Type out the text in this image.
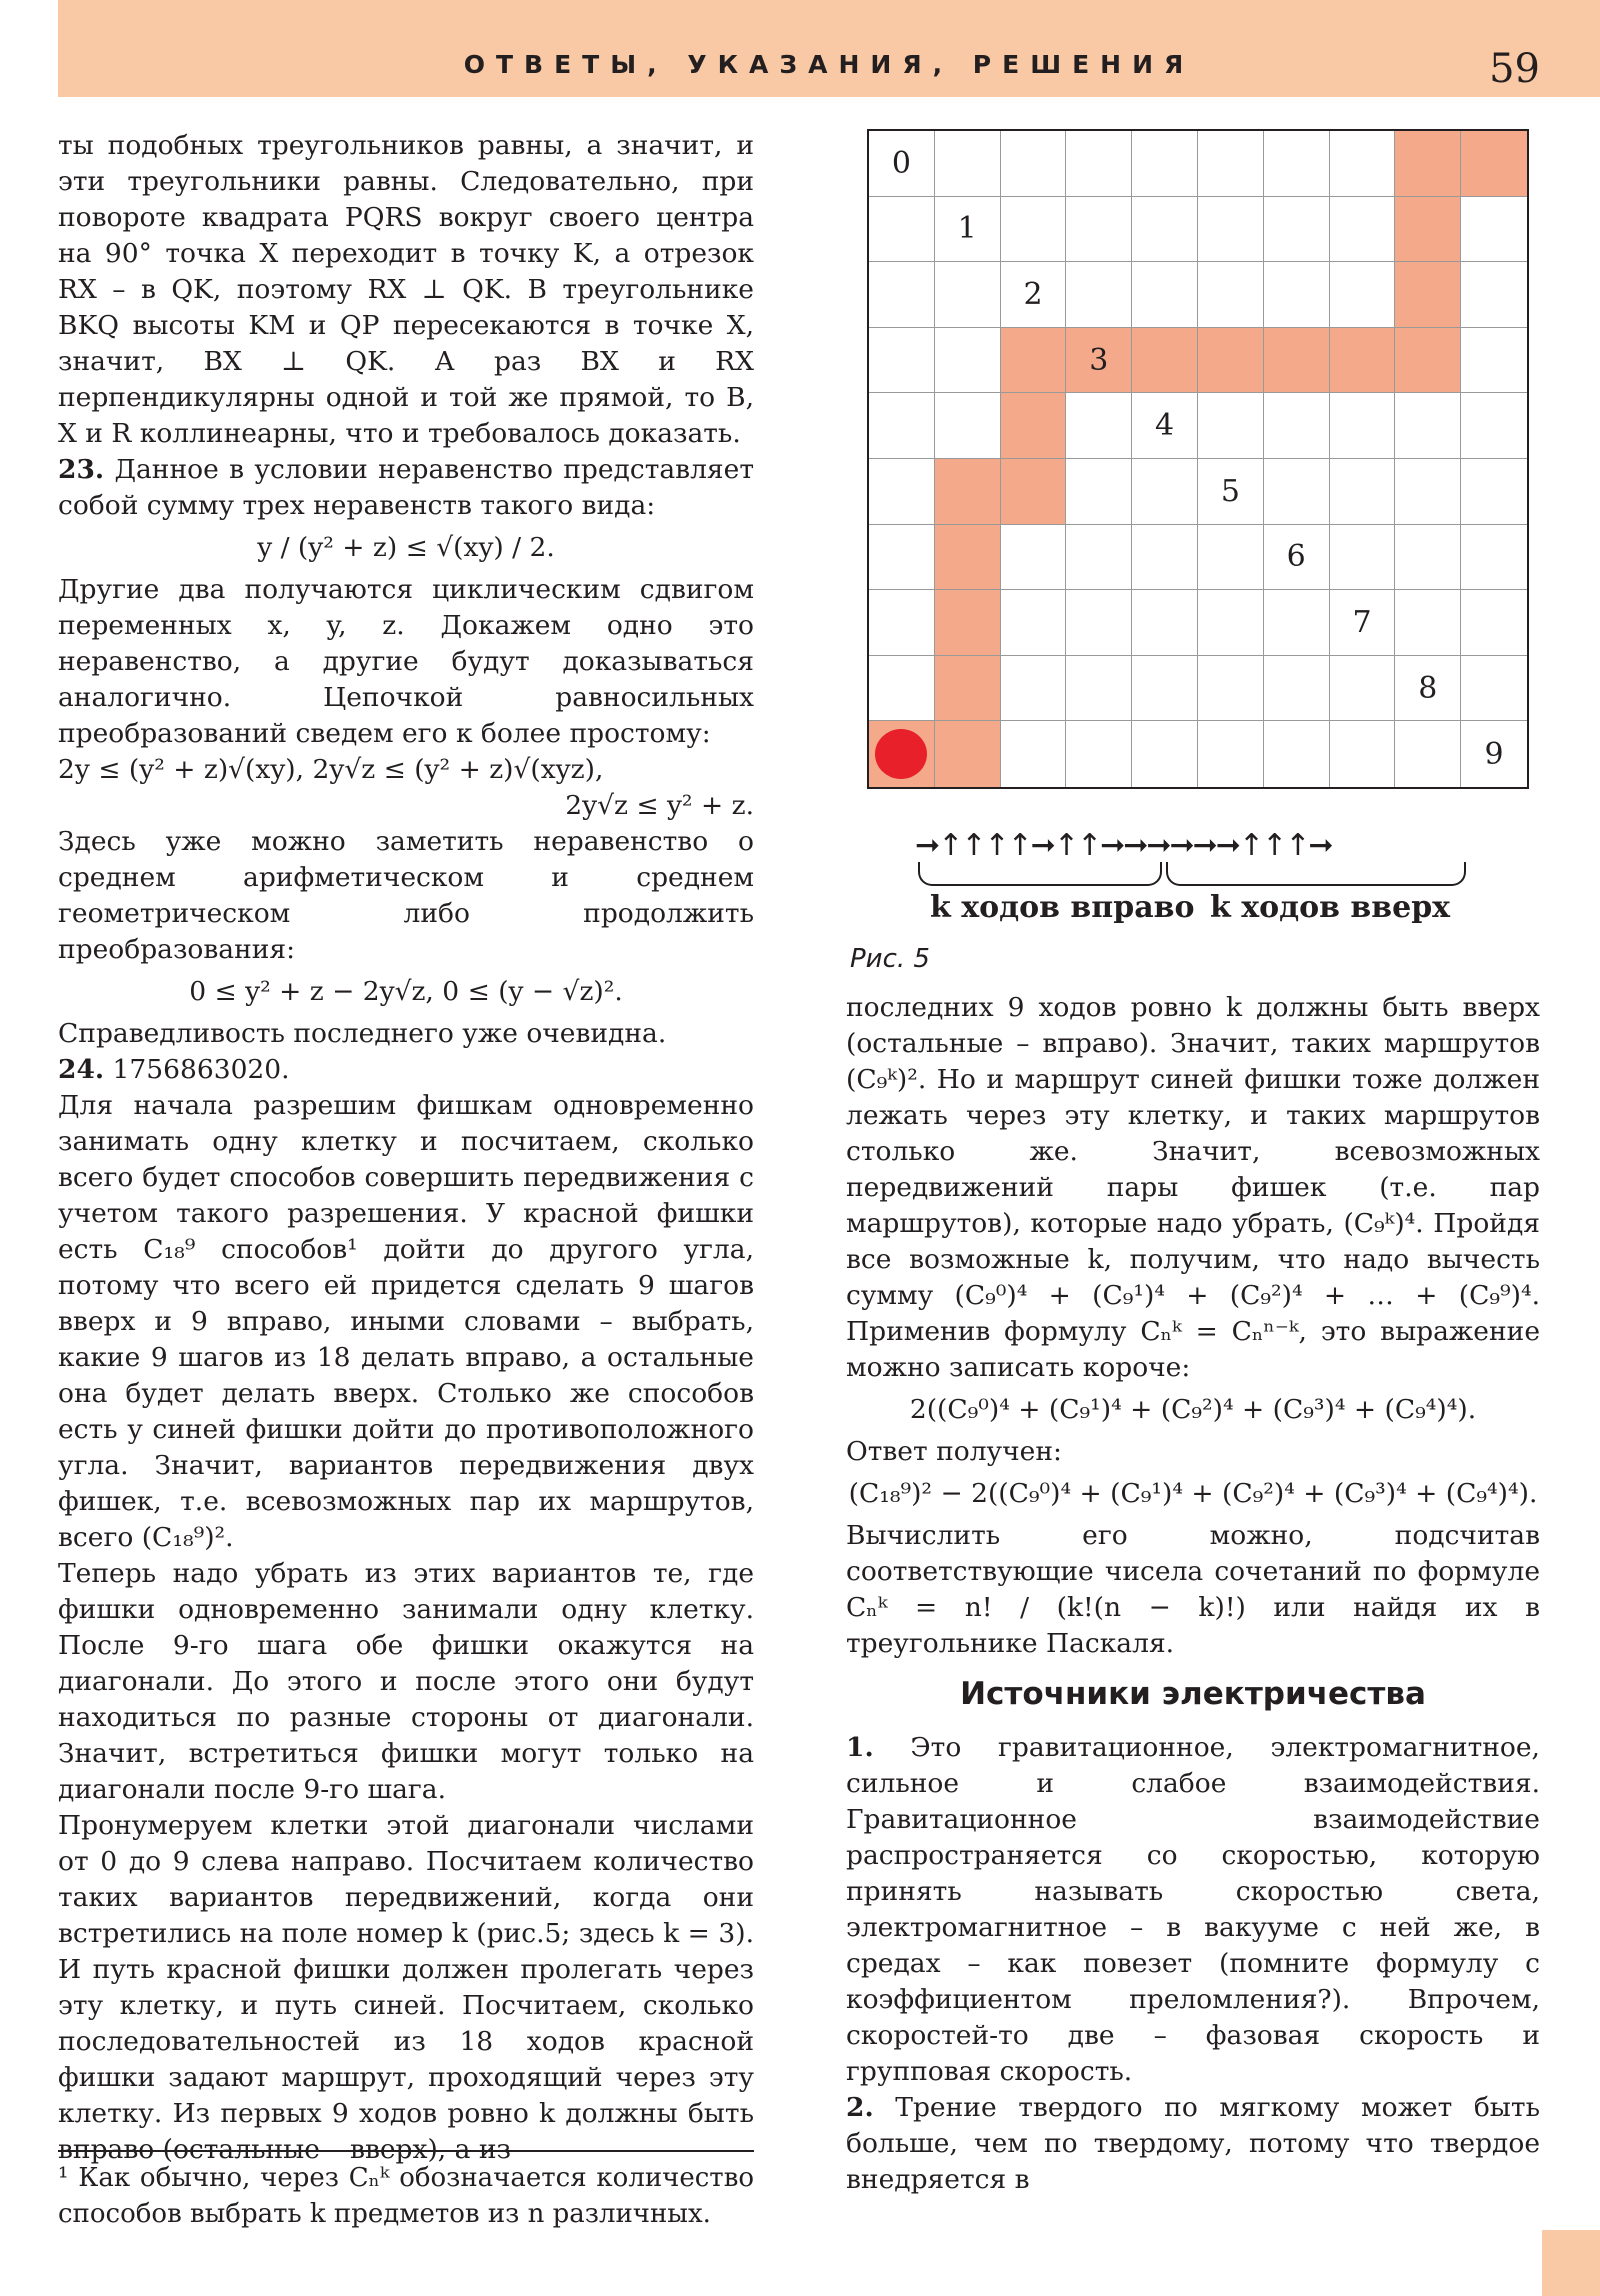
ОТВЕТЫ, УКАЗАНИЯ, РЕШЕНИЯ	59

ты подобных треугольников равны, а значит, и эти треугольники равны. Следовательно, при повороте квадрата PQRS вокруг своего центра на 90° точка X переходит в точку K, а отрезок RX – в QK, поэтому RX ⊥ QK. В треугольнике BKQ высоты KM и QP пересекаются в точке X, значит, BX ⊥ QK. А раз BX и RX перпендикулярны одной и той же прямой, то B, X и R коллинеарны, что и требовалось доказать.

23. Данное в условии неравенство представляет собой сумму трех неравенств такого вида:

y / (y² + z) ≤ √(xy) / 2.

Другие два получаются циклическим сдвигом переменных x, y, z. Докажем одно это неравенство, а другие будут доказываться аналогично. Цепочкой равносильных преобразований сведем его к более простому:

2y ≤ (y² + z)√(xy), 2y√z ≤ (y² + z)√(xyz),
2y√z ≤ y² + z.

Здесь уже можно заметить неравенство о среднем арифметическом и среднем геометрическом либо продолжить преобразования:

0 ≤ y² + z − 2y√z, 0 ≤ (y − √z)².

Справедливость последнего уже очевидна.

24. 1756863020.

Для начала разрешим фишкам одновременно занимать одну клетку и посчитаем, сколько всего будет способов совершить передвижения с учетом такого разрешения. У красной фишки есть C₁₈⁹ способов¹ дойти до другого угла, потому что всего ей придется сделать 9 шагов вверх и 9 вправо, иными словами – выбрать, какие 9 шагов из 18 делать вправо, а остальные она будет делать вверх. Столько же способов есть у синей фишки дойти до противоположного угла. Значит, вариантов передвижения двух фишек, т.е. всевозможных пар их маршрутов, всего (C₁₈⁹)².

Теперь надо убрать из этих вариантов те, где фишки одновременно занимали одну клетку. После 9-го шага обе фишки окажутся на диагонали. До этого и после этого они будут находиться по разные стороны от диагонали. Значит, встретиться фишки могут только на диагонали после 9-го шага.

Пронумеруем клетки этой диагонали числами от 0 до 9 слева направо. Посчитаем количество таких вариантов передвижений, когда они встретились на поле номер k (рис.5; здесь k = 3). И путь красной фишки должен пролегать через эту клетку, и путь синей. Посчитаем, сколько последовательностей из 18 ходов красной фишки задают маршрут, проходящий через эту клетку. Из первых 9 ходов ровно k должны быть вправо (остальные – вверх), а из

¹ Как обычно, через Cₙᵏ обозначается количество способов выбрать k предметов из n различных.
0
1
2
3
4
5
6
7
8
9
➞↑↑↑↑➞↑↑➞➞➞➞➞➞↑↑↑➞
k ходов вправо k ходов вверх
Рис. 5

последних 9 ходов ровно k должны быть вверх (остальные – вправо). Значит, таких маршрутов (C₉ᵏ)². Но и маршрут синей фишки тоже должен лежать через эту клетку, и таких маршрутов столько же. Значит, всевозможных передвижений пары фишек (т.е. пар маршрутов), которые надо убрать, (C₉ᵏ)⁴. Пройдя все возможные k, получим, что надо вычесть сумму (C₉⁰)⁴ + (C₉¹)⁴ + (C₉²)⁴ + … + (C₉⁹)⁴. Применив формулу Cₙᵏ = Cₙⁿ⁻ᵏ, это выражение можно записать короче:

2((C₉⁰)⁴ + (C₉¹)⁴ + (C₉²)⁴ + (C₉³)⁴ + (C₉⁴)⁴).

Ответ получен:

(C₁₈⁹)² − 2((C₉⁰)⁴ + (C₉¹)⁴ + (C₉²)⁴ + (C₉³)⁴ + (C₉⁴)⁴).

Вычислить его можно, подсчитав соответствующие чиcела сочетаний по формуле Cₙᵏ = n! / (k!(n − k)!) или найдя их в треугольнике Паскаля.

Источники электричества

1. Это гравитационное, электромагнитное, сильное и слабое взаимодействия. Гравитационное взаимодействие распространяется со скоростью, которую принять называть скоростью света, электромагнитное – в вакууме с ней же, в средах – как повезет (помните формулу с коэффициентом преломления?). Впрочем, скоростей-то две – фазовая скорость и групповая скорость.

2. Трение твердого по мягкому может быть больше, чем по твердому, потому что твердое внедряется в
